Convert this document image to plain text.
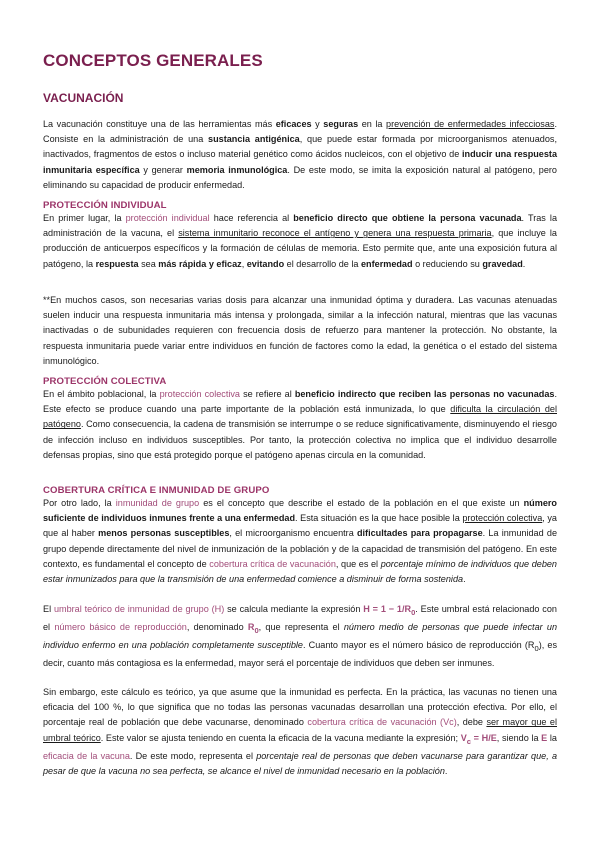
CONCEPTOS GENERALES
VACUNACIÓN

La vacunación constituye una de las herramientas más eficaces y seguras en la prevención de enfermedades infecciosas. Consiste en la administración de una sustancia antigénica, que puede estar formada por microorganismos atenuados, inactivados, fragmentos de estos o incluso material genético como ácidos nucleicos, con el objetivo de inducir una respuesta inmunitaria específica y generar memoria inmunológica. De este modo, se imita la exposición natural al patógeno, pero eliminando su capacidad de producir enfermedad.

PROTECCIÓN INDIVIDUAL

En primer lugar, la protección individual hace referencia al beneficio directo que obtiene la persona vacunada. Tras la administración de la vacuna, el sistema inmunitario reconoce el antígeno y genera una respuesta primaria, que incluye la producción de anticuerpos específicos y la formación de células de memoria. Esto permite que, ante una exposición futura al patógeno, la respuesta sea más rápida y eficaz, evitando el desarrollo de la enfermedad o reduciendo su gravedad.

**En muchos casos, son necesarias varias dosis para alcanzar una inmunidad óptima y duradera. Las vacunas atenuadas suelen inducir una respuesta inmunitaria más intensa y prolongada, similar a la infección natural, mientras que las vacunas inactivadas o de subunidades requieren con frecuencia dosis de refuerzo para mantener la protección. No obstante, la respuesta inmunitaria puede variar entre individuos en función de factores como la edad, la genética o el estado del sistema inmunológico.

PROTECCIÓN COLECTIVA

En el ámbito poblacional, la protección colectiva se refiere al beneficio indirecto que reciben las personas no vacunadas. Este efecto se produce cuando una parte importante de la población está inmunizada, lo que dificulta la circulación del patógeno. Como consecuencia, la cadena de transmisión se interrumpe o se reduce significativamente, disminuyendo el riesgo de infección incluso en individuos susceptibles. Por tanto, la protección colectiva no implica que el individuo desarrolle defensas propias, sino que está protegido porque el patógeno apenas circula en la comunidad.

COBERTURA CRÍTICA E INMUNIDAD DE GRUPO

Por otro lado, la inmunidad de grupo es el concepto que describe el estado de la población en el que existe un número suficiente de individuos inmunes frente a una enfermedad. Esta situación es la que hace posible la protección colectiva, ya que al haber menos personas susceptibles, el microorganismo encuentra dificultades para propagarse. La inmunidad de grupo depende directamente del nivel de inmunización de la población y de la capacidad de transmisión del patógeno. En este contexto, es fundamental el concepto de cobertura crítica de vacunación, que es el porcentaje mínimo de individuos que deben estar inmunizados para que la transmisión de una enfermedad comience a disminuir de forma sostenida.

El umbral teórico de inmunidad de grupo (H) se calcula mediante la expresión $H = 1 - 1/R_0$. Este umbral está relacionado con el número básico de reproducción, denominado $R_0$, que representa el número medio de personas que puede infectar un individuo enfermo en una población completamente susceptible. Cuanto mayor es el número básico de reproducción $(R_0)$, es decir, cuanto más contagiosa es la enfermedad, mayor será el porcentaje de individuos que deben ser inmunes.

Sin embargo, este cálculo es teórico, ya que asume que la inmunidad es perfecta. En la práctica, las vacunas no tienen una eficacia del 100 %, lo que significa que no todas las personas vacunadas desarrollan una protección efectiva. Por ello, el porcentaje real de población que debe vacunarse, denominado cobertura crítica de vacunación (Vc), debe ser mayor que el umbral teórico. Este valor se ajusta teniendo en cuenta la eficacia de la vacuna mediante la expresión; $V_c = H/E$, siendo la E la eficacia de la vacuna. De este modo, representa el porcentaje real de personas que deben vacunarse para garantizar que, a pesar de que la vacuna no sea perfecta, se alcance el nivel de inmunidad necesario en la población.
